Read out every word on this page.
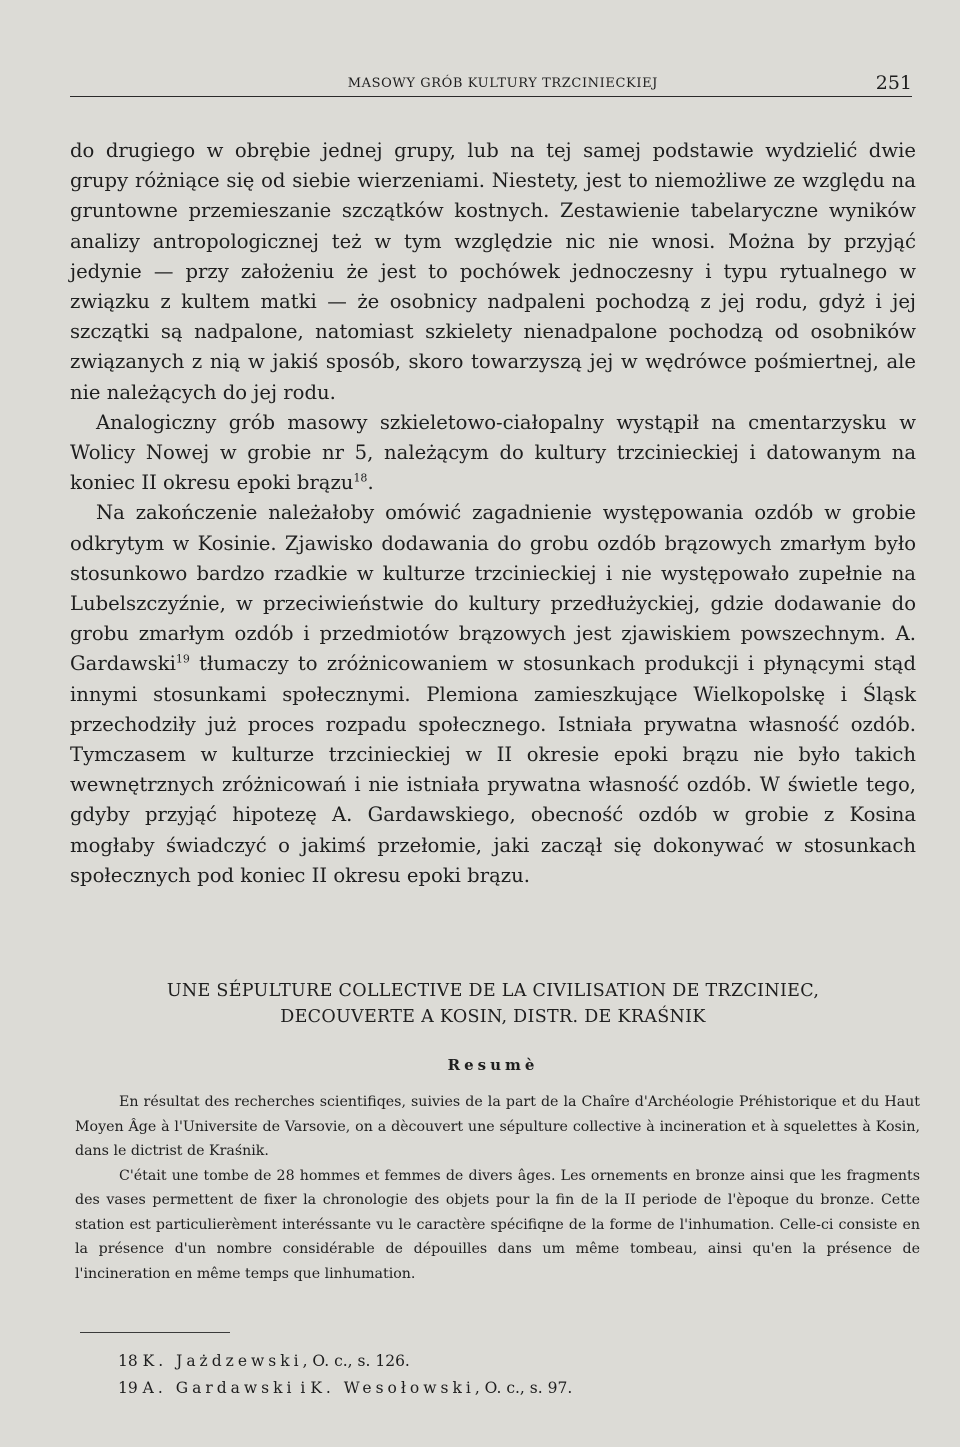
MASOWY GRÓB KULTURY TRZCINIECKIEJ	251

do drugiego w obrębie jednej grupy, lub na tej samej podstawie wydzielić dwie grupy różniące się od siebie wierzeniami. Niestety, jest to niemożliwe ze względu na gruntowne przemieszanie szczątków kostnych. Zestawienie tabelaryczne wyników analizy antropologicznej też w tym względzie nic nie wnosi. Można by przyjąć jedynie — przy założeniu że jest to pochówek jednoczesny i typu rytualnego w związku z kultem matki — że osobnicy nadpaleni pochodzą z jej rodu, gdyż i jej szczątki są nadpalone, natomiast szkielety nienadpalone pochodzą od osobników związanych z nią w jakiś sposób, skoro towarzyszą jej w wędrówce pośmiertnej, ale nie należących do jej rodu.

Analogiczny grób masowy szkieletowo-ciałopalny wystąpił na cmentarzysku w Wolicy Nowej w grobie nr 5, należącym do kultury trzcinieckiej i datowanym na koniec II okresu epoki brązu$^{18}$.

Na zakończenie należałoby omówić zagadnienie występowania ozdób w grobie odkrytym w Kosinie. Zjawisko dodawania do grobu ozdób brązowych zmarłym było stosunkowo bardzo rzadkie w kulturze trzcinieckiej i nie występowało zupełnie na Lubelszczyźnie, w przeciwieństwie do kultury przedłużyckiej, gdzie dodawanie do grobu zmarłym ozdób i przedmiotów brązowych jest zjawiskiem powszechnym. A. Gardawski$^{19}$ tłumaczy to zróżnicowaniem w stosunkach produkcji i płynącymi stąd innymi stosunkami społecznymi. Plemiona zamieszkujące Wielkopolskę i Śląsk przechodziły już proces rozpadu społecznego. Istniała prywatna własność ozdób. Tymczasem w kulturze trzcinieckiej w II okresie epoki brązu nie było takich wewnętrznych zróżnicowań i nie istniała prywatna własność ozdób. W świetle tego, gdyby przyjąć hipotezę A. Gardawskiego, obecność ozdób w grobie z Kosina mogłaby świadczyć o jakimś przełomie, jaki zaczął się dokonywać w stosunkach społecznych pod koniec II okresu epoki brązu.

UNE SÉPULTURE COLLECTIVE DE LA CIVILISATION DE TRZCINIEC,
DECOUVERTE A KOSIN, DISTR. DE KRAŚNIK
Resumè

En résultat des recherches scientifiqes, suivies de la part de la Chaîre d'Archéologie Préhistorique et du Haut Moyen Âge à l'Universite de Varsovie, on a dècouvert une sépulture collective à incineration et à squelettes à Kosin, dans le dictrist de Kraśnik.

C'était une tombe de 28 hommes et femmes de divers âges. Les ornements en bronze ainsi que les fragments des vases permettent de fixer la chronologie des objets pour la fin de la II periode de l'èpoque du bronze. Cette station est particulierèment interéssante vu le caractère spécifiqne de la forme de l'inhumation. Celle-ci consiste en la présence d'un nombre considérable de dépouilles dans um même tombeau, ainsi qu'en la présence de l'incineration en même temps que linhumation.

18 K. Jażdzewski, O. c., s. 126.
19 A. Gardawski i K. Wesołowski, O. c., s. 97.
